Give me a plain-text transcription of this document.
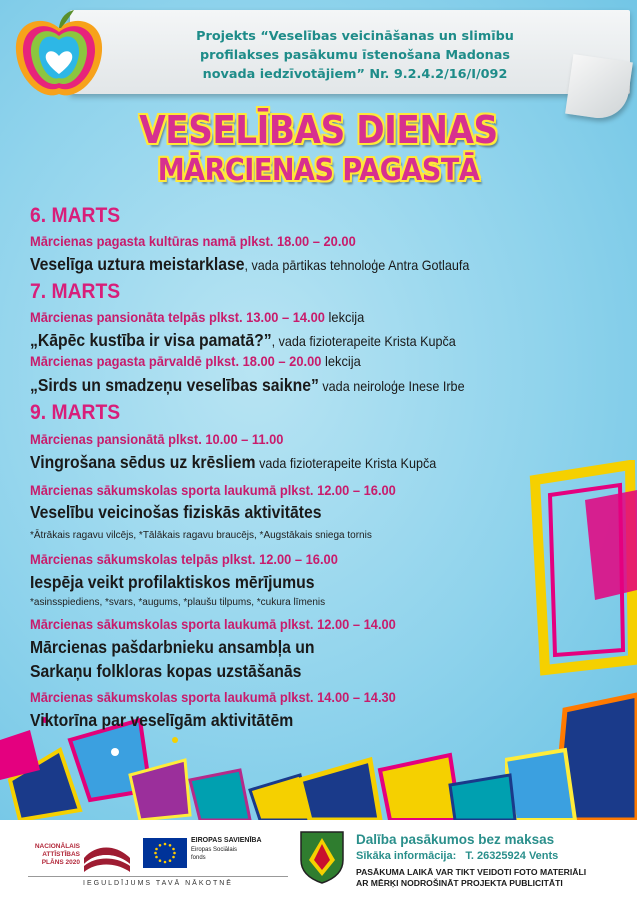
Projekts “Veselības veicināšanas un slimību
profilakses pasākumu īstenošana Madonas
novada iedzīvotājiem” Nr. 9.2.4.2/16/I/092
VESELĪBAS DIENAS
MĀRCIENAS PAGASTĀ
6. MARTS
Mārcienas pagasta kultūras namā plkst. 18.00 – 20.00
Veselīga uztura meistarklase, vada pārtikas tehnoloģe Antra Gotlaufa
7. MARTS
Mārcienas pansionāta telpās plkst. 13.00 – 14.00 lekcija
„Kāpēc kustība ir visa pamatā?”, vada fizioterapeite Krista Kupča
Mārcienas pagasta pārvaldē plkst. 18.00 – 20.00 lekcija
„Sirds un smadzeņu veselības saikne” vada neiroloģe Inese Irbe
9. MARTS
Mārcienas pansionātā plkst. 10.00 – 11.00
Vingrošana sēdus uz krēsliem vada fizioterapeite Krista Kupča
Mārcienas sākumskolas sporta laukumā plkst. 12.00 – 16.00
Veselību veicinošas fiziskās aktivitātes
*Ātrākais ragavu vilcējs, *Tālākais ragavu braucējs, *Augstākais sniega tornis
Mārcienas sākumskolas telpās plkst. 12.00 – 16.00
Iespēja veikt profilaktiskos mērījumus
*asinsspiediens, *svars, *augums, *plaušu tilpums, *cukura līmenis
Mārcienas sākumskolas sporta laukumā plkst. 12.00 – 14.00
Mārcienas pašdarbnieku ansambļa un
Sarkaņu folkloras kopas uzstāšanās
Mārcienas sākumskolas sporta laukumā plkst. 14.00 – 14.30
Viktorīna par veselīgām aktivitātēm
NACIONĀLAIS
ATTĪSTĪBAS
PLĀNS 2020
EIROPAS SAVIENĪBA
Eiropas Sociālais
fonds
IEGULDĪJUMS TAVĀ NĀKOTNĒ
Dalība pasākumos bez maksas
Sīkāka informācija: T. 26325924 Vents
PASĀKUMA LAIKĀ VAR TIKT VEIDOTI FOTO MATERIĀLI
AR MĒRĶI NODROŠINĀT PROJEKTA PUBLICITĀTI
